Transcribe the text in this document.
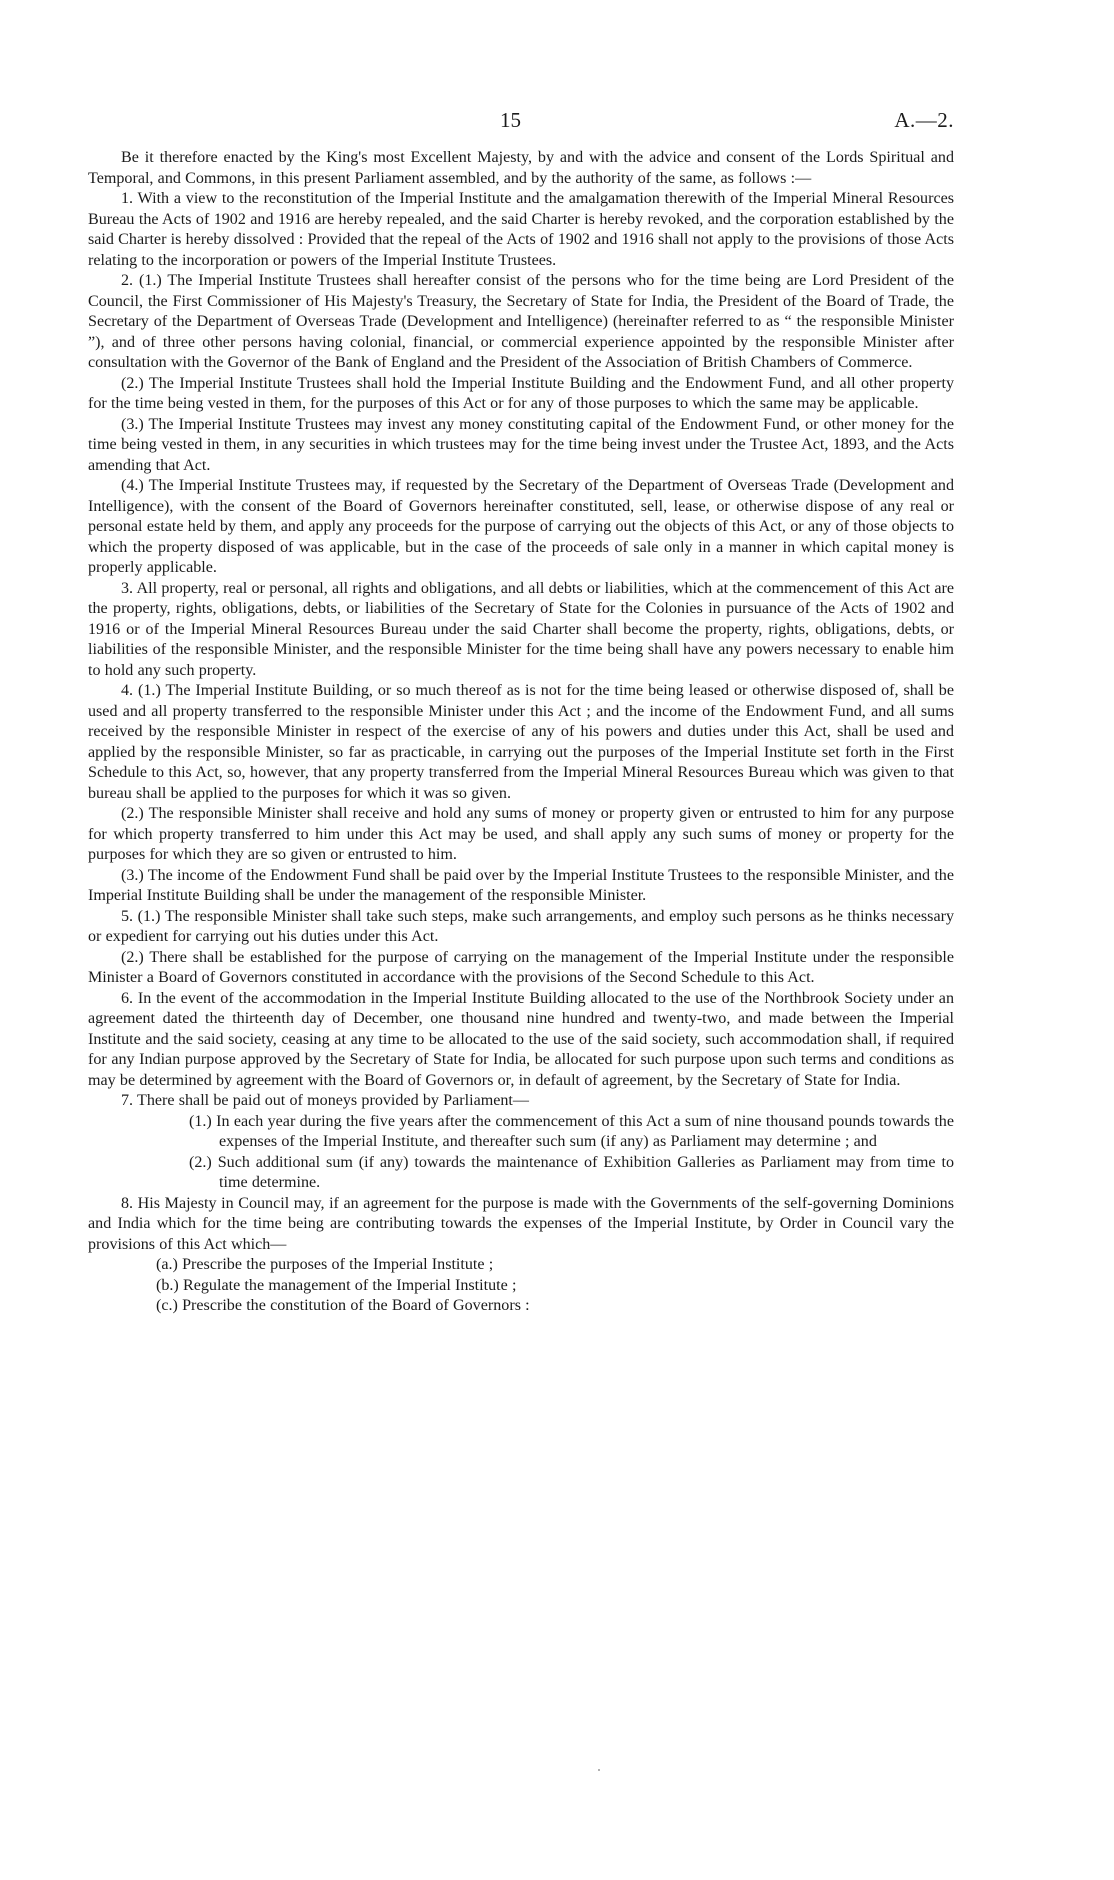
15	A.—2.

Be it therefore enacted by the King's most Excellent Majesty, by and with the advice and consent of the Lords Spiritual and Temporal, and Commons, in this present Parliament assembled, and by the authority of the same, as follows :—

1. With a view to the reconstitution of the Imperial Institute and the amalgamation therewith of the Imperial Mineral Resources Bureau the Acts of 1902 and 1916 are hereby repealed, and the said Charter is hereby revoked, and the corporation established by the said Charter is hereby dissolved : Provided that the repeal of the Acts of 1902 and 1916 shall not apply to the provisions of those Acts relating to the incorporation or powers of the Imperial Institute Trustees.

2. (1.) The Imperial Institute Trustees shall hereafter consist of the persons who for the time being are Lord President of the Council, the First Commissioner of His Majesty's Treasury, the Secretary of State for India, the President of the Board of Trade, the Secretary of the Department of Overseas Trade (Development and Intelligence) (hereinafter referred to as “ the responsible Minister ”), and of three other persons having colonial, financial, or commercial experience appointed by the responsible Minister after consultation with the Governor of the Bank of England and the President of the Association of British Chambers of Commerce.

(2.) The Imperial Institute Trustees shall hold the Imperial Institute Building and the Endowment Fund, and all other property for the time being vested in them, for the purposes of this Act or for any of those purposes to which the same may be applicable.

(3.) The Imperial Institute Trustees may invest any money constituting capital of the Endowment Fund, or other money for the time being vested in them, in any securities in which trustees may for the time being invest under the Trustee Act, 1893, and the Acts amending that Act.

(4.) The Imperial Institute Trustees may, if requested by the Secretary of the Department of Overseas Trade (Development and Intelligence), with the consent of the Board of Governors hereinafter constituted, sell, lease, or otherwise dispose of any real or personal estate held by them, and apply any proceeds for the purpose of carrying out the objects of this Act, or any of those objects to which the property disposed of was applicable, but in the case of the proceeds of sale only in a manner in which capital money is properly applicable.

3. All property, real or personal, all rights and obligations, and all debts or liabilities, which at the commencement of this Act are the property, rights, obligations, debts, or liabilities of the Secretary of State for the Colonies in pursuance of the Acts of 1902 and 1916 or of the Imperial Mineral Resources Bureau under the said Charter shall become the property, rights, obligations, debts, or liabilities of the responsible Minister, and the responsible Minister for the time being shall have any powers necessary to enable him to hold any such property.

4. (1.) The Imperial Institute Building, or so much thereof as is not for the time being leased or otherwise disposed of, shall be used and all property transferred to the responsible Minister under this Act ; and the income of the Endowment Fund, and all sums received by the responsible Minister in respect of the exercise of any of his powers and duties under this Act, shall be used and applied by the responsible Minister, so far as practicable, in carrying out the purposes of the Imperial Institute set forth in the First Schedule to this Act, so, however, that any property transferred from the Imperial Mineral Resources Bureau which was given to that bureau shall be applied to the purposes for which it was so given.

(2.) The responsible Minister shall receive and hold any sums of money or property given or entrusted to him for any purpose for which property transferred to him under this Act may be used, and shall apply any such sums of money or property for the purposes for which they are so given or entrusted to him.

(3.) The income of the Endowment Fund shall be paid over by the Imperial Institute Trustees to the responsible Minister, and the Imperial Institute Building shall be under the management of the responsible Minister.

5. (1.) The responsible Minister shall take such steps, make such arrangements, and employ such persons as he thinks necessary or expedient for carrying out his duties under this Act.

(2.) There shall be established for the purpose of carrying on the management of the Imperial Institute under the responsible Minister a Board of Governors constituted in accordance with the provisions of the Second Schedule to this Act.

6. In the event of the accommodation in the Imperial Institute Building allocated to the use of the Northbrook Society under an agreement dated the thirteenth day of December, one thousand nine hundred and twenty-two, and made between the Imperial Institute and the said society, ceasing at any time to be allocated to the use of the said society, such accommodation shall, if required for any Indian purpose approved by the Secretary of State for India, be allocated for such purpose upon such terms and conditions as may be determined by agreement with the Board of Governors or, in default of agreement, by the Secretary of State for India.

7. There shall be paid out of moneys provided by Parliament—

(1.) In each year during the five years after the commencement of this Act a sum of nine thousand pounds towards the expenses of the Imperial Institute, and thereafter such sum (if any) as Parliament may determine ; and

(2.) Such additional sum (if any) towards the maintenance of Exhibition Galleries as Parliament may from time to time determine.

8. His Majesty in Council may, if an agreement for the purpose is made with the Governments of the self-governing Dominions and India which for the time being are contributing towards the expenses of the Imperial Institute, by Order in Council vary the provisions of this Act which—

(a.) Prescribe the purposes of the Imperial Institute ;

(b.) Regulate the management of the Imperial Institute ;

(c.) Prescribe the constitution of the Board of Governors :
